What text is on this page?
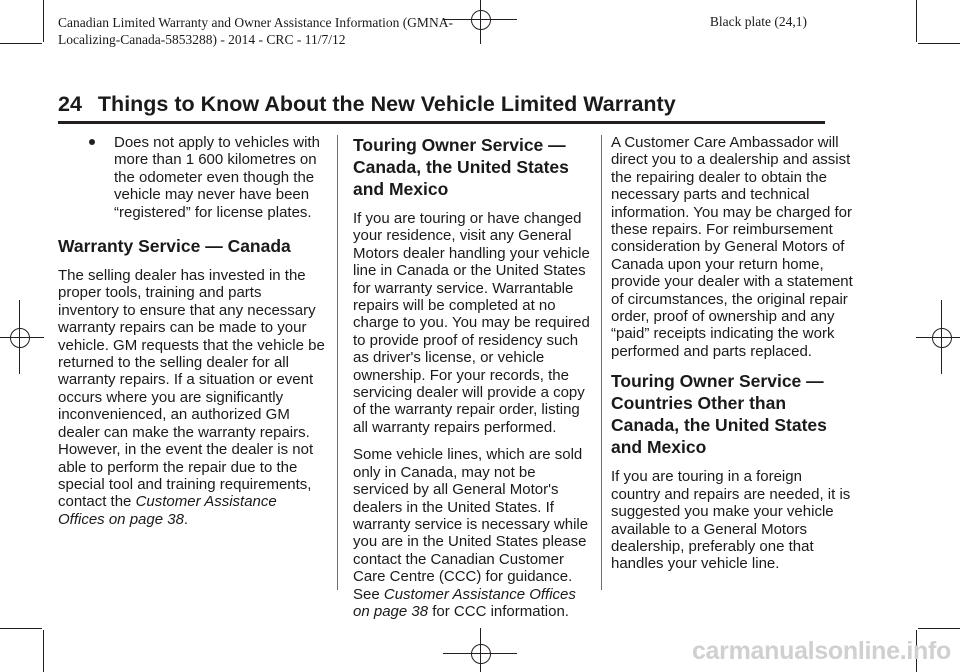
Canadian Limited Warranty and Owner Assistance Information (GMNA-
Localizing-Canada-5853288) - 2014 - CRC - 11/7/12
Black plate (24,1)
24 Things to Know About the New Vehicle Limited Warranty
Does not apply to vehicles with more than 1 600 kilometres on the odometer even though the vehicle may never have been “registered” for license plates.
Warranty Service — Canada

The selling dealer has invested in the proper tools, training and parts inventory to ensure that any necessary warranty repairs can be made to your vehicle. GM requests that the vehicle be returned to the selling dealer for all warranty repairs. If a situation or event occurs where you are significantly inconvenienced, an authorized GM dealer can make the warranty repairs. However, in the event the dealer is not able to perform the repair due to the special tool and training requirements, contact the Customer Assistance Offices on page 38.

Touring Owner Service — Canada, the United States and Mexico

If you are touring or have changed your residence, visit any General Motors dealer handling your vehicle line in Canada or the United States for warranty service. Warrantable repairs will be completed at no charge to you. You may be required to provide proof of residency such as driver's license, or vehicle ownership. For your records, the servicing dealer will provide a copy of the warranty repair order, listing all warranty repairs performed.

Some vehicle lines, which are sold only in Canada, may not be serviced by all General Motor's dealers in the United States. If warranty service is necessary while you are in the United States please contact the Canadian Customer Care Centre (CCC) for guidance. See Customer Assistance Offices on page 38 for CCC information.

A Customer Care Ambassador will direct you to a dealership and assist the repairing dealer to obtain the necessary parts and technical information. You may be charged for these repairs. For reimbursement consideration by General Motors of Canada upon your return home, provide your dealer with a statement of circumstances, the original repair order, proof of ownership and any “paid” receipts indicating the work performed and parts replaced.

Touring Owner Service — Countries Other than Canada, the United States and Mexico

If you are touring in a foreign country and repairs are needed, it is suggested you make your vehicle available to a General Motors dealership, preferably one that handles your vehicle line.

carmanualsonline.info
